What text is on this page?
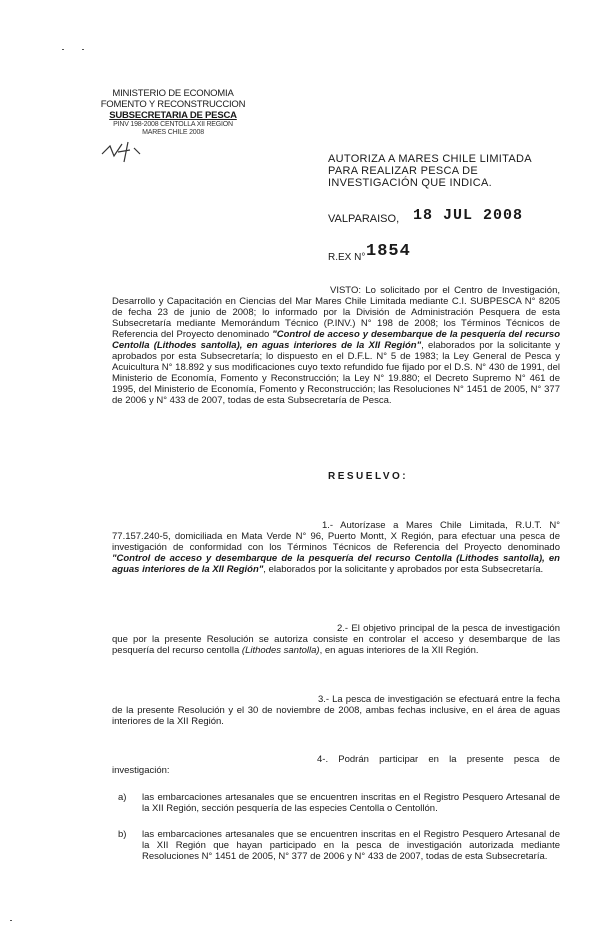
MINISTERIO DE ECONOMIA
FOMENTO Y RECONSTRUCCION
SUBSECRETARIA DE PESCA
PINV 198-2008 CENTOLLA XII REGION
MARES CHILE 2008
AUTORIZA A MARES CHILE LIMITADA PARA REALIZAR PESCA DE INVESTIGACIÓN QUE INDICA.
VALPARAISO, 18 JUL 2008
R.EX N° 1854
VISTO: Lo solicitado por el Centro de Investigación, Desarrollo y Capacitación en Ciencias del Mar Mares Chile Limitada mediante C.I. SUBPESCA N° 8205 de fecha 23 de junio de 2008; lo informado por la División de Administración Pesquera de esta Subsecretaría mediante Memorándum Técnico (P.INV.) N° 198 de 2008; los Términos Técnicos de Referencia del Proyecto denominado "Control de acceso y desembarque de la pesquería del recurso Centolla (Lithodes santolla), en aguas interiores de la XII Región", elaborados por la solicitante y aprobados por esta Subsecretaría; lo dispuesto en el D.F.L. N° 5 de 1983; la Ley General de Pesca y Acuicultura N° 18.892 y sus modificaciones cuyo texto refundido fue fijado por el D.S. N° 430 de 1991, del Ministerio de Economía, Fomento y Reconstrucción; la Ley N° 19.880; el Decreto Supremo N° 461 de 1995, del Ministerio de Economía, Fomento y Reconstrucción; las Resoluciones N° 1451 de 2005, N° 377 de 2006 y N° 433 de 2007, todas de esta Subsecretaría de Pesca.
RESUELVO:
1.- Autorízase a Mares Chile Limitada, R.U.T. N° 77.157.240-5, domiciliada en Mata Verde N° 96, Puerto Montt, X Región, para efectuar una pesca de investigación de conformidad con los Términos Técnicos de Referencia del Proyecto denominado "Control de acceso y desembarque de la pesquería del recurso Centolla (Lithodes santolla), en aguas interiores de la XII Región", elaborados por la solicitante y aprobados por esta Subsecretaría.
2.- El objetivo principal de la pesca de investigación que por la presente Resolución se autoriza consiste en controlar el acceso y desembarque de las pesquería del recurso centolla (Lithodes santolla), en aguas interiores de la XII Región.
3.- La pesca de investigación se efectuará entre la fecha de la presente Resolución y el 30 de noviembre de 2008, ambas fechas inclusive, en el área de aguas interiores de la XII Región.
4-. Podrán participar en la presente pesca de investigación:
a) las embarcaciones artesanales que se encuentren inscritas en el Registro Pesquero Artesanal de la XII Región, sección pesquería de las especies Centolla o Centollón.
b) las embarcaciones artesanales que se encuentren inscritas en el Registro Pesquero Artesanal de la XII Región que hayan participado en la pesca de investigación autorizada mediante Resoluciones N° 1451 de 2005, N° 377 de 2006 y N° 433 de 2007, todas de esta Subsecretaría.
